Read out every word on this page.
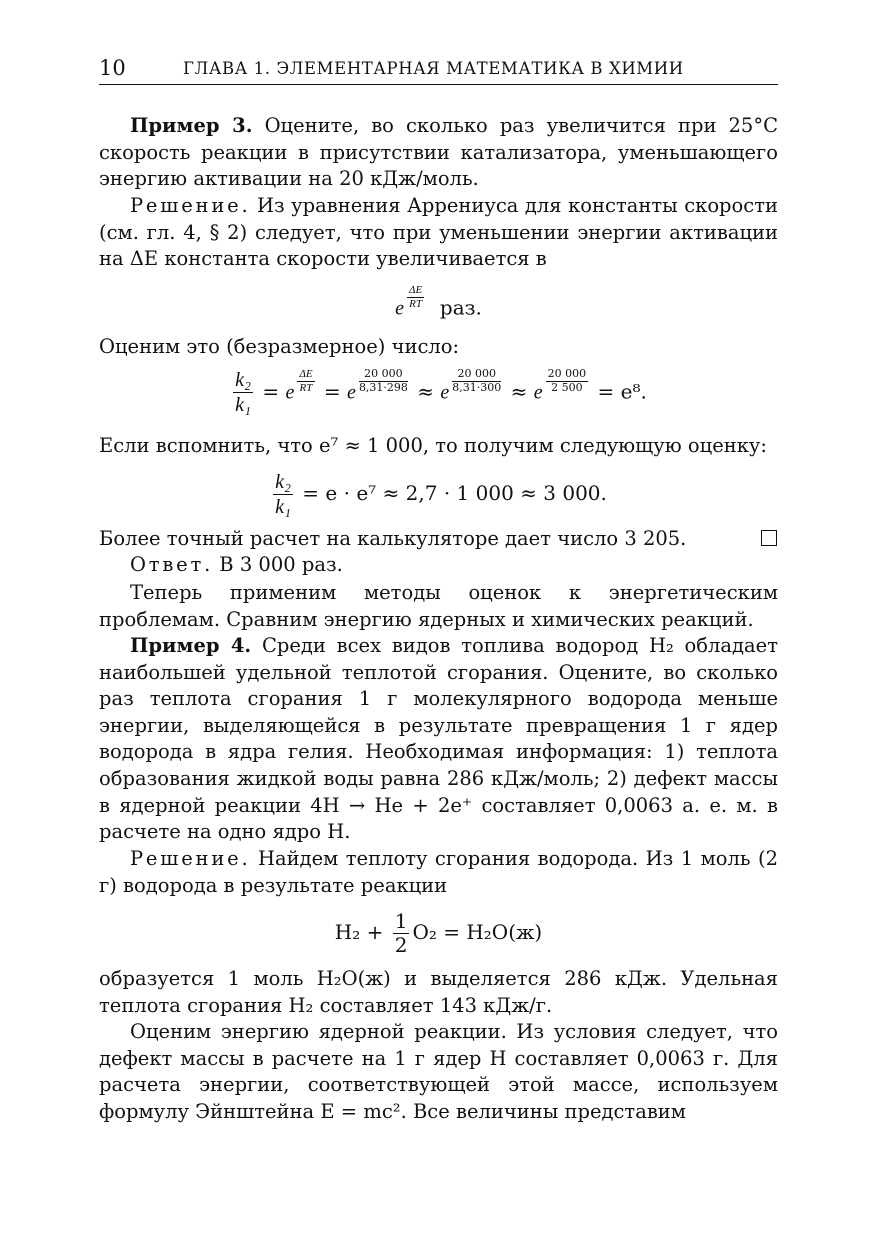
10	ГЛАВА 1. ЭЛЕМЕНТАРНАЯ МАТЕМАТИКА В ХИМИИ

Пример 3. Оцените, во сколько раз увеличится при 25°C скорость реакции в присутствии катализатора, уменьшающего энергию активации на 20 кДж/моль.

Решение. Из уравнения Аррениуса для константы скорости (см. гл. 4, § 2) следует, что при уменьшении энергии активации на ΔE константа скорости увеличивается в

e $^{\frac{\Delta E}{RT}}$ раз.

Оценим это (безразмерное) число:

$\frac{\text{k₂}}{\text{k₁}} = e$ $^{\frac{\Delta E}{RT}}$ = e $^{\frac{20 000}{8,31\cdot 298}}$ ≈ e $^{\frac{20 000}{8,31\cdot 300}}$ ≈ e $^{\frac{20 000}{2 500}}$ = e⁸.

Если вспомнить, что e⁷ ≈ 1 000, то получим следующую оценку:

$\frac{\text{k₂}}{\text{k₁}} = e \cdot e^7 \approx 2,7 \cdot 1$ 000 ≈ 3 000.

Более точный расчет на калькуляторе дает число 3 205.

Ответ. В 3 000 раз.

Теперь применим методы оценок к энергетическим проблемам. Сравним энергию ядерных и химических реакций.

Пример 4. Среди всех видов топлива водород H₂ обладает наибольшей удельной теплотой сгорания. Оцените, во сколько раз теплота сгорания 1 г молекулярного водорода меньше энергии, выделяющейся в результате превращения 1 г ядер водорода в ядра гелия. Необходимая информация: 1) теплота образования жидкой воды равна 286 кДж/моль; 2) дефект массы в ядерной реакции 4H → He + 2e⁺ составляет 0,0063 а. е. м. в расчете на одно ядро H.

Решение. Найдем теплоту сгорания водорода. Из 1 моль (2 г) водорода в результате реакции

$H_2 + \frac{1}{2} O_2 = H_2O(ж)$

образуется 1 моль H₂O(ж) и выделяется 286 кДж. Удельная теплота сгорания H₂ составляет 143 кДж/г.

Оценим энергию ядерной реакции. Из условия следует, что дефект массы в расчете на 1 г ядер H составляет 0,0063 г. Для расчета энергии, соответствующей этой массе, используем формулу Эйнштейна E = mc². Все величины представим
